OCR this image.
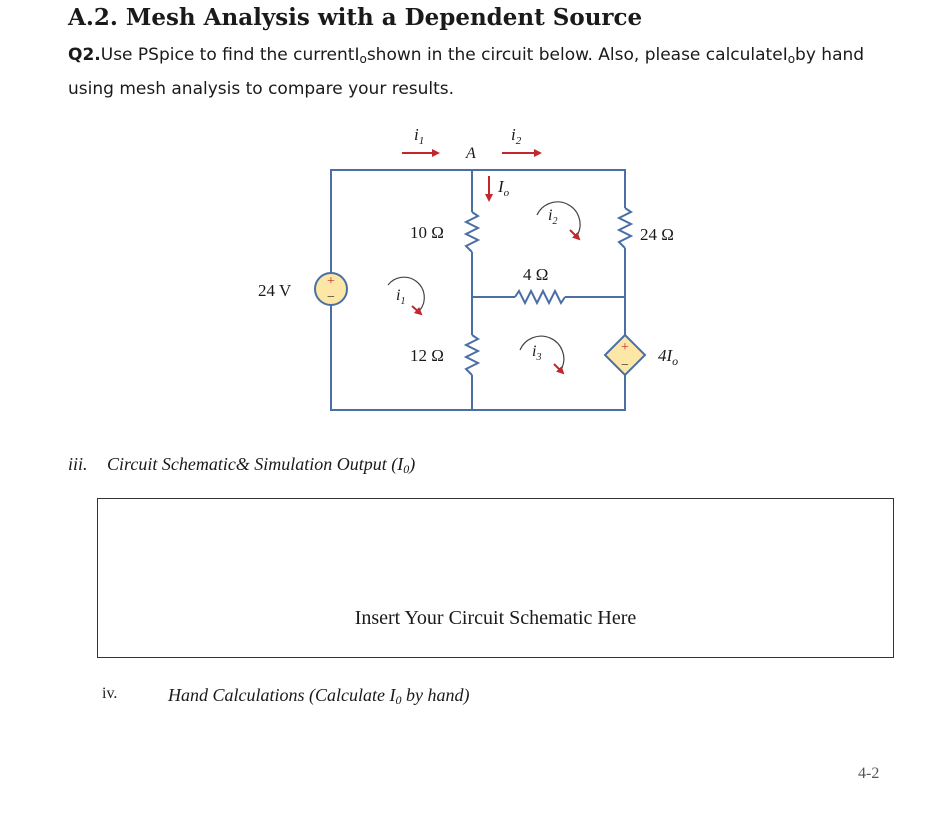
A.2. Mesh Analysis with a Dependent Source
Q2.Use PSpice to find the currentI$_o$shown in the circuit below. Also, please calculateI$_o$by hand using mesh analysis to compare your results.
+
−
24 V
+
−
$4I_o$
10 Ω
12 Ω
4 Ω
24 Ω
A
$i_1$	$i_2$
$I_o$
$i_1$
$i_2$
$i_3$
iii. Circuit Schematic& Simulation Output $(I_0)$
Insert Your Circuit Schematic Here
iv.	Hand Calculations (Calculate $I_0$ by hand)
4-2
